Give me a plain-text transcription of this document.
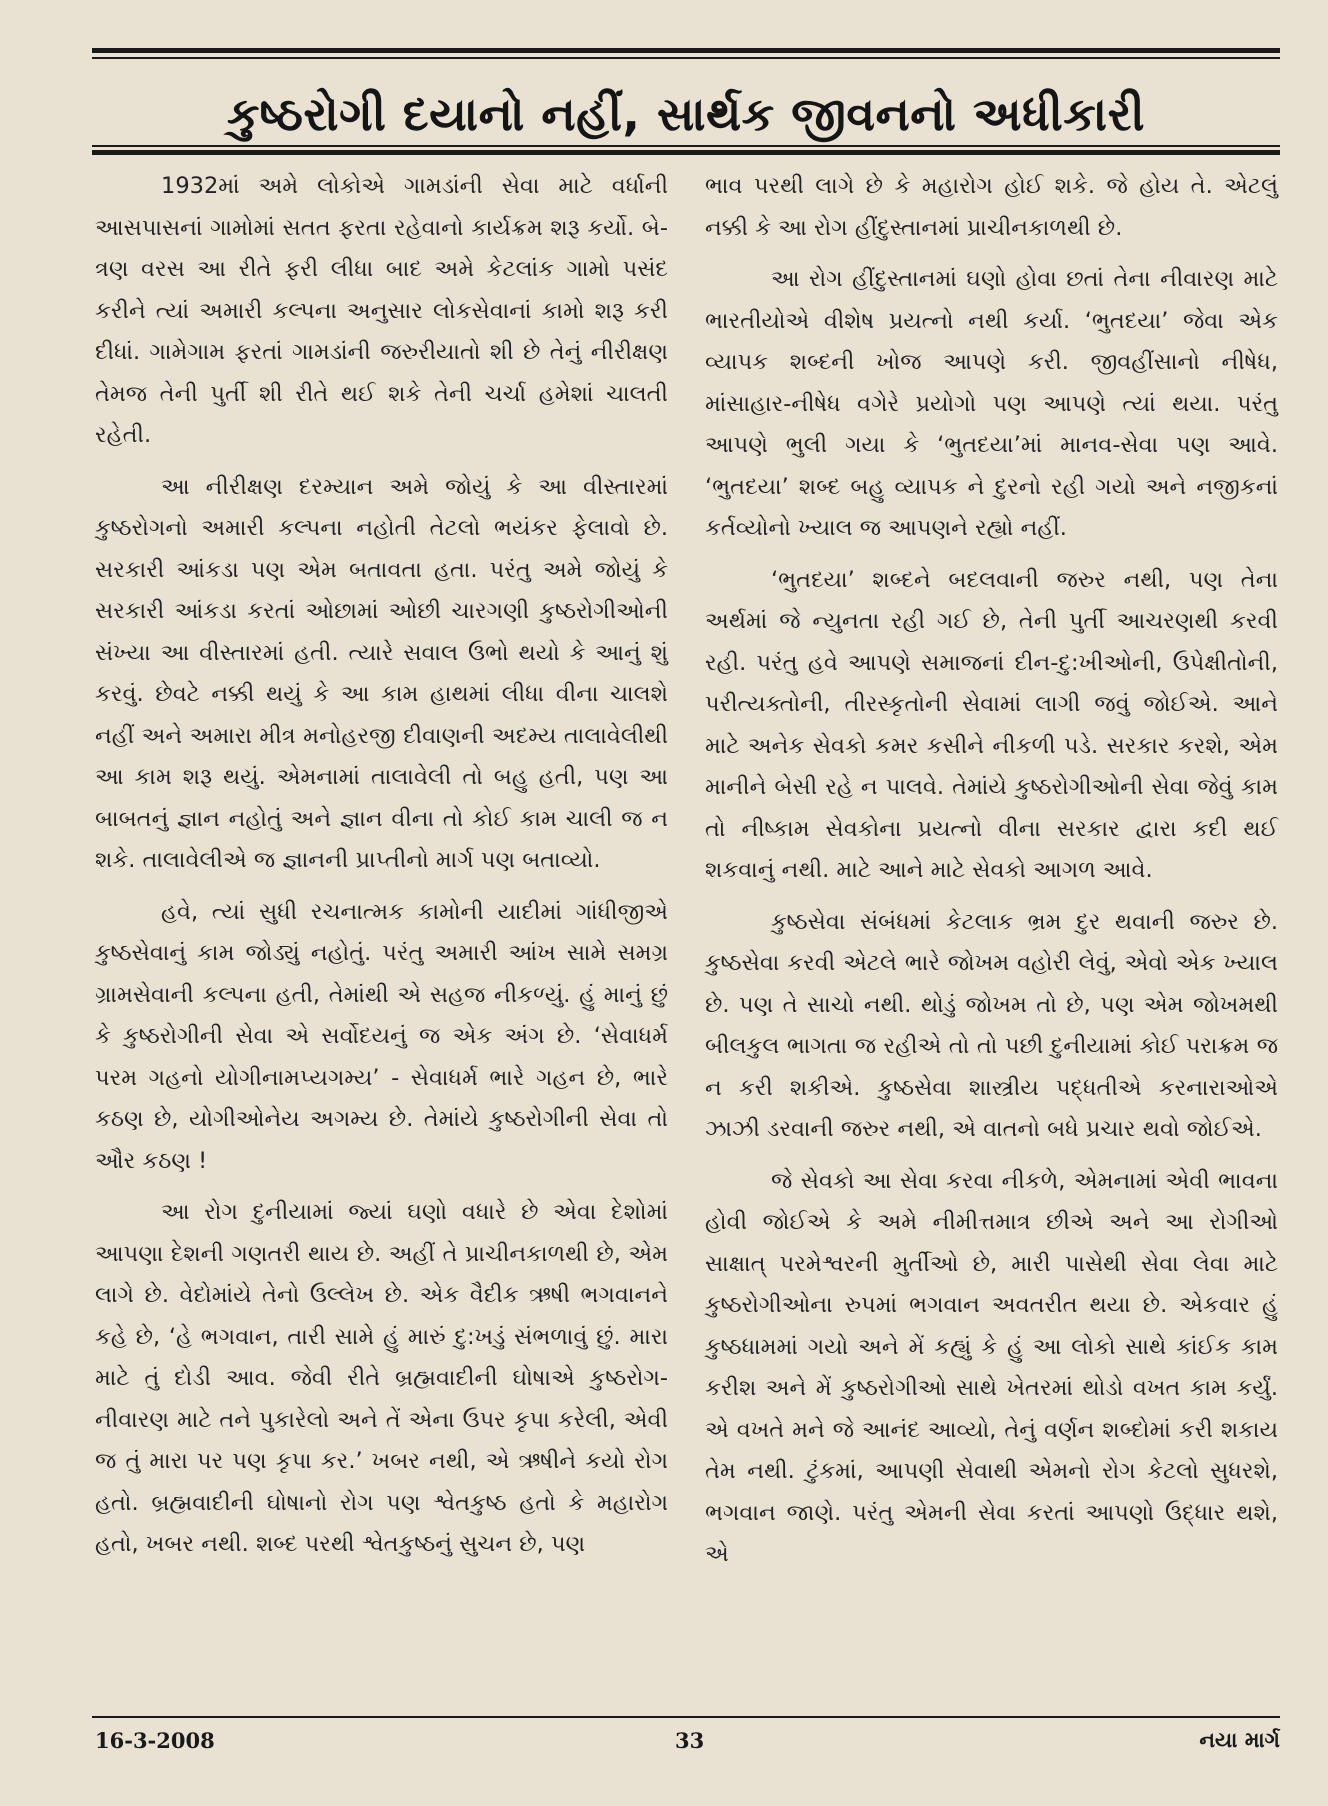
કુષ્ઠરોગી દયાનો નહીં, સાર્થક જીવનનો અધીકારી

1932માં અમે લોકોએ ગામડાંની સેવા માટે વર્ધાની આસપાસનાં ગામોમાં સતત ફરતા રહેવાનો કાર્યક્રમ શરૂ કર્યો. બે-ત્રણ વરસ આ રીતે ફરી લીધા બાદ અમે કેટલાંક ગામો પસંદ કરીને ત્યાં અમારી કલ્પના અનુસાર લોકસેવાનાં કામો શરૂ કરી દીધાં. ગામેગામ ફરતાં ગામડાંની જરુરીયાતો શી છે તેનું નીરીક્ષણ તેમજ તેની પુર્તી શી રીતે થઈ શકે તેની ચર્ચા હમેશાં ચાલતી રહેતી.

આ નીરીક્ષણ દરમ્યાન અમે જોયું કે આ વીસ્તારમાં કુષ્ઠરોગનો અમારી કલ્પના નહોતી તેટલો ભયંકર ફેલાવો છે. સરકારી આંકડા પણ એમ બતાવતા હતા. પરંતુ અમે જોયું કે સરકારી આંકડા કરતાં ઓછામાં ઓછી ચારગણી કુષ્ઠરોગીઓની સંખ્યા આ વીસ્તારમાં હતી. ત્યારે સવાલ ઉભો થયો કે આનું શું કરવું. છેવટે નક્કી થયું કે આ કામ હાથમાં લીધા વીના ચાલશે નહીં અને અમારા મીત્ર મનોહરજી દીવાણની અદમ્ય તાલાવેલીથી આ કામ શરૂ થયું. એમનામાં તાલાવેલી તો બહુ હતી, પણ આ બાબતનું જ્ઞાન નહોતું અને જ્ઞાન વીના તો કોઈ કામ ચાલી જ ન શકે. તાલાવેલીએ જ જ્ઞાનની પ્રાપ્તીનો માર્ગ પણ બતાવ્યો.

હવે, ત્યાં સુધી રચનાત્મક કામોની યાદીમાં ગાંધીજીએ કુષ્ઠસેવાનું કામ જોડ્યું નહોતું. પરંતુ અમારી આંખ સામે સમગ્ર ગ્રામસેવાની કલ્પના હતી, તેમાંથી એ સહજ નીકળ્યું. હું માનું છું કે કુષ્ઠરોગીની સેવા એ સર્વોદયનું જ એક અંગ છે. ‘સેવાધર્મ પરમ ગહનો યોગીનામપ્યગમ્ય’ - સેવાધર્મ ભારે ગહન છે, ભારે કઠણ છે, યોગીઓનેય અગમ્ય છે. તેમાંયે કુષ્ઠરોગીની સેવા તો ઔર કઠણ !

આ રોગ દુનીયામાં જ્યાં ઘણો વધારે છે એવા દેશોમાં આપણા દેશની ગણતરી થાય છે. અહીં તે પ્રાચીનકાળથી છે, એમ લાગે છે. વેદોમાંયે તેનો ઉલ્લેખ છે. એક વૈદીક ઋષી ભગવાનને કહે છે, ‘હે ભગવાન, તારી સામે હું મારું દુ:ખડું સંભળાવું છું. મારા માટે તું દોડી આવ. જેવી રીતે બ્રહ્મવાદીની ઘોષાએ કુષ્ઠરોગ-નીવારણ માટે તને પુકારેલો અને તેં એના ઉપર કૃપા કરેલી, એવી જ તું મારા પર પણ કૃપા કર.’ ખબર નથી, એ ઋષીને કયો રોગ હતો. બ્રહ્મવાદીની ઘોષાનો રોગ પણ શ્વેતકુષ્ઠ હતો કે મહારોગ હતો, ખબર નથી. શબ્દ પરથી શ્વેતકુષ્ઠનું સુચન છે, પણ

ભાવ પરથી લાગે છે કે મહારોગ હોઈ શકે. જે હોય તે. એટલું નક્કી કે આ રોગ હીંદુસ્તાનમાં પ્રાચીનકાળથી છે.

આ રોગ હીંદુસ્તાનમાં ઘણો હોવા છતાં તેના નીવારણ માટે ભારતીયોએ વીશેષ પ્રયત્નો નથી કર્યા. ‘ભુતદયા’ જેવા એક વ્યાપક શબ્દની ખોજ આપણે કરી. જીવહીંસાનો નીષેધ, માંસાહાર-નીષેધ વગેરે પ્રયોગો પણ આપણે ત્યાં થયા. પરંતુ આપણે ભુલી ગયા કે ‘ભુતદયા’માં માનવ-સેવા પણ આવે. ‘ભુતદયા’ શબ્દ બહુ વ્યાપક ને દુરનો રહી ગયો અને નજીકનાં કર્તવ્યોનો ખ્યાલ જ આપણને રહ્યો નહીં.

‘ભુતદયા’ શબ્દને બદલવાની જરુર નથી, પણ તેના અર્થમાં જે ન્યુનતા રહી ગઈ છે, તેની પુર્તી આચરણથી કરવી રહી. પરંતુ હવે આપણે સમાજનાં દીન-દુ:ખીઓની, ઉપેક્ષીતોની, પરીત્યક્તોની, તીરસ્કૃતોની સેવામાં લાગી જવું જોઈએ. આને માટે અનેક સેવકો કમર કસીને નીકળી પડે. સરકાર કરશે, એમ માનીને બેસી રહે ન પાલવે. તેમાંયે કુષ્ઠરોગીઓની સેવા જેવું કામ તો નીષ્કામ સેવકોના પ્રયત્નો વીના સરકાર દ્વારા કદી થઈ શકવાનું નથી. માટે આને માટે સેવકો આગળ આવે.

કુષ્ઠસેવા સંબંધમાં કેટલાક ભ્રમ દુર થવાની જરુર છે. કુષ્ઠસેવા કરવી એટલે ભારે જોખમ વહોરી લેવું, એવો એક ખ્યાલ છે. પણ તે સાચો નથી. થોડું જોખમ તો છે, પણ એમ જોખમથી બીલકુલ ભાગતા જ રહીએ તો તો પછી દુનીયામાં કોઈ પરાક્રમ જ ન કરી શકીએ. કુષ્ઠસેવા શાસ્ત્રીય પદ્ધતીએ કરનારાઓએ ઝાઝી ડરવાની જરુર નથી, એ વાતનો બધે પ્રચાર થવો જોઈએ.

જે સેવકો આ સેવા કરવા નીકળે, એમનામાં એવી ભાવના હોવી જોઈએ કે અમે નીમીત્તમાત્ર છીએ અને આ રોગીઓ સાક્ષાત્ પરમેશ્વરની મુર્તીઓ છે, મારી પાસેથી સેવા લેવા માટે કુષ્ઠરોગીઓના રુપમાં ભગવાન અવતરીત થયા છે. એકવાર હું કુષ્ઠધામમાં ગયો અને મેં કહ્યું કે હું આ લોકો સાથે કાંઈક કામ કરીશ અને મેં કુષ્ઠરોગીઓ સાથે ખેતરમાં થોડો વખત કામ કર્યું. એ વખતે મને જે આનંદ આવ્યો, તેનું વર્ણન શબ્દોમાં કરી શકાય તેમ નથી. ટુંકમાં, આપણી સેવાથી એમનો રોગ કેટલો સુધરશે, ભગવાન જાણે. પરંતુ એમની સેવા કરતાં આપણો ઉદ્ધાર થશે, એ

16-3-2008	33	નયા માર્ગ
